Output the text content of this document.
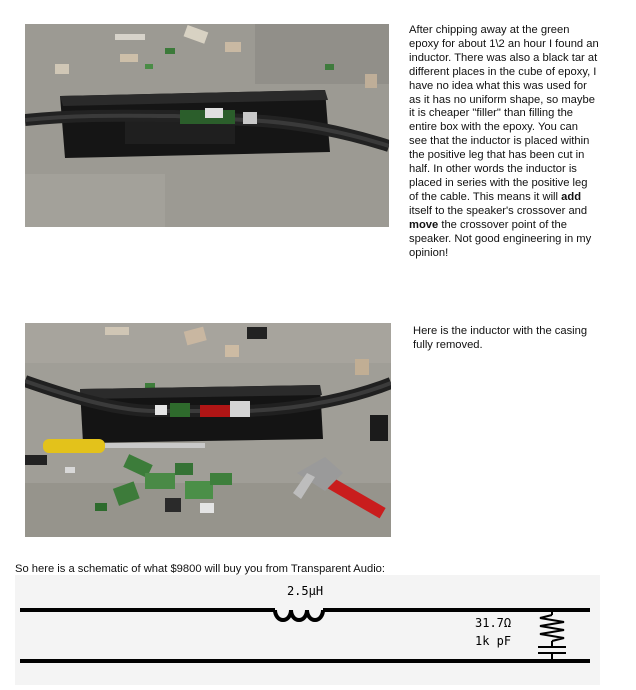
After chipping away at the green epoxy for about 1\2 an hour I found an inductor. There was also a black tar at different places in the cube of epoxy, I have no idea what this was used for as it has no uniform shape, so maybe it is cheaper "filler" than filling the entire box with the epoxy. You can see that the inductor is placed within the positive leg that has been cut in half. In other words the inductor is placed in series with the positive leg of the cable. This means it will add itself to the speaker's crossover and move the crossover point of the speaker. Not good engineering in my opinion!
Here is the inductor with the casing fully removed.
So here is a schematic of what $9800 will buy you from Transparent Audio:
2.5µH
31.7Ω
1k pF
